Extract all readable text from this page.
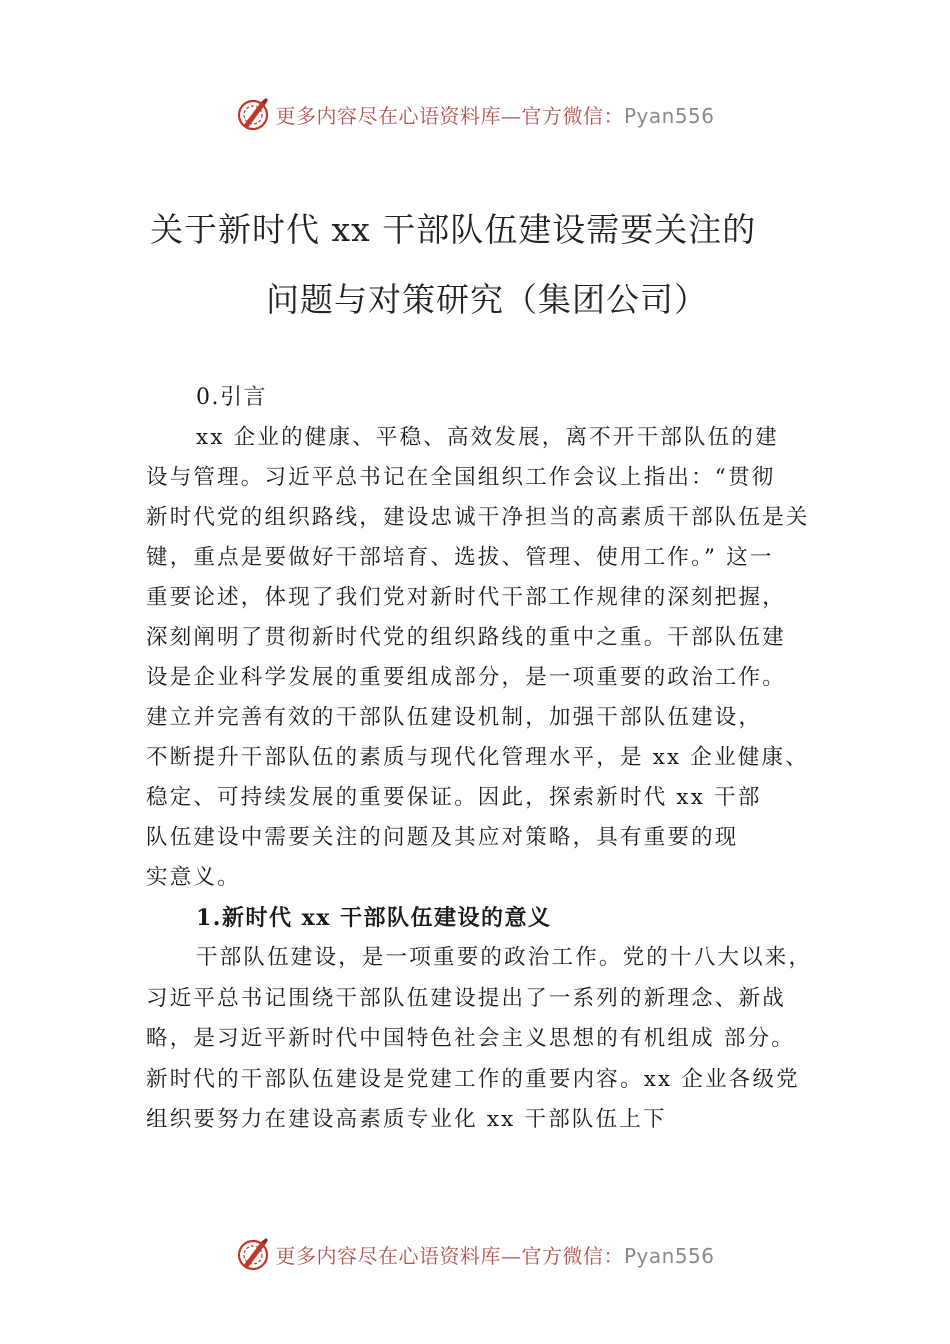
更多内容尽在心语资料库—官方微信：Pyan556
关于新时代 xx 干部队伍建设需要关注的
问题与对策研究（集团公司）
0.引言
xx 企业的健康、平稳、高效发展，离不开干部队伍的建
设与管理。习近平总书记在全国组织工作会议上指出：“贯彻
新时代党的组织路线，建设忠诚干净担当的高素质干部队伍是关
键，重点是要做好干部培育、选拔、管理、使用工作。” 这一
重要论述，体现了我们党对新时代干部工作规律的深刻把握，
深刻阐明了贯彻新时代党的组织路线的重中之重。干部队伍建
设是企业科学发展的重要组成部分，是一项重要的政治工作。
建立并完善有效的干部队伍建设机制，加强干部队伍建设，
不断提升干部队伍的素质与现代化管理水平，是 xx 企业健康、
稳定、可持续发展的重要保证。因此，探索新时代 xx 干部
队伍建设中需要关注的问题及其应对策略，具有重要的现
实意义。
1.新时代 xx 干部队伍建设的意义
干部队伍建设，是一项重要的政治工作。党的十八大以来，
习近平总书记围绕干部队伍建设提出了一系列的新理念、新战
略，是习近平新时代中国特色社会主义思想的有机组成 部分。
新时代的干部队伍建设是党建工作的重要内容。xx 企业各级党
组织要努力在建设高素质专业化 xx 干部队伍上下
更多内容尽在心语资料库—官方微信：Pyan556
